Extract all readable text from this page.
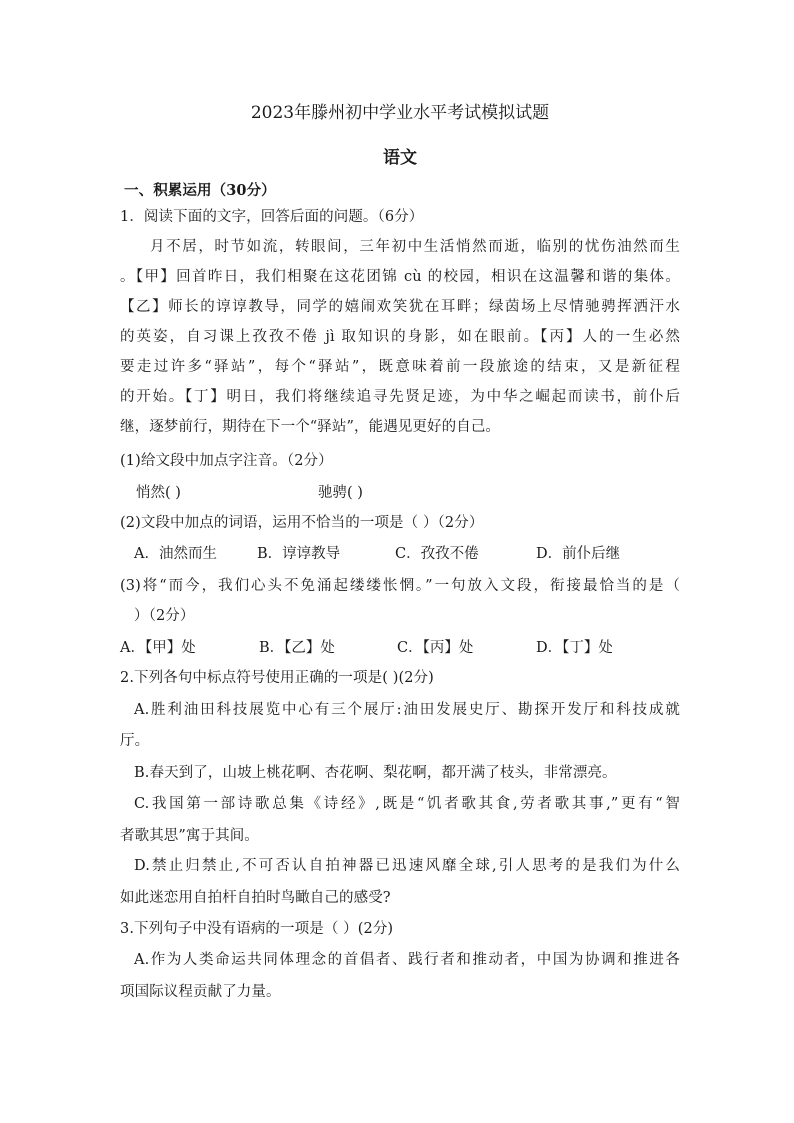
2023年滕州初中学业水平考试模拟试题
语文
一、积累运用（30分）
1．阅读下面的文字，回答后面的问题。（6分）
月不居，时节如流，转眼间，三年初中生活悄然而逝，临别的忧伤油然而生
。【甲】回首昨日，我们相聚在这花团锦 cù 的校园，相识在这温馨和谐的集体。
【乙】师长的谆谆教导，同学的嬉闹欢笑犹在耳畔；绿茵场上尽情驰骋挥洒汗水
的英姿，自习课上孜孜不倦 jì 取知识的身影，如在眼前。【丙】人的一生必然
要走过许多“驿站”，每个“驿站”，既意味着前一段旅途的结束，又是新征程
的开始。【丁】明日，我们将继续追寻先贤足迹，为中华之崛起而读书，前仆后
继，逐梦前行，期待在下一个“驿站”，能遇见更好的自己。
(1)给文段中加点字注音。（2分）
悄然( )	驰骋( )
(2)文段中加点的词语，运用不恰当的一项是（ ）（2分）
A．油然而生	B．谆谆教导	C．孜孜不倦	D．前仆后继
(3)将“而今，我们心头不免涌起缕缕怅惘。”一句放入文段，衔接最恰当的是（
）（2分）
A．【甲】处	B．【乙】处	C．【丙】处	D．【丁】处
2.下列各句中标点符号使用正确的一项是( )(2分)
A.胜利油田科技展览中心有三个展厅:油田发展史厅、勘探开发厅和科技成就
厅。
B.春天到了，山坡上桃花啊、杏花啊、梨花啊，都开满了枝头，非常漂亮。
C.我国第一部诗歌总集《诗经》,既是“饥者歌其食,劳者歌其事,”更有“智
者歌其思”寓于其间。
D.禁止归禁止,不可否认自拍神器已迅速风靡全球,引人思考的是我们为什么
如此迷恋用自拍杆自拍时鸟瞰自己的感受?
3.下列句子中没有语病的一项是（ ）(2分)
A.作为人类命运共同体理念的首倡者、践行者和推动者，中国为协调和推进各
项国际议程贡献了力量。
